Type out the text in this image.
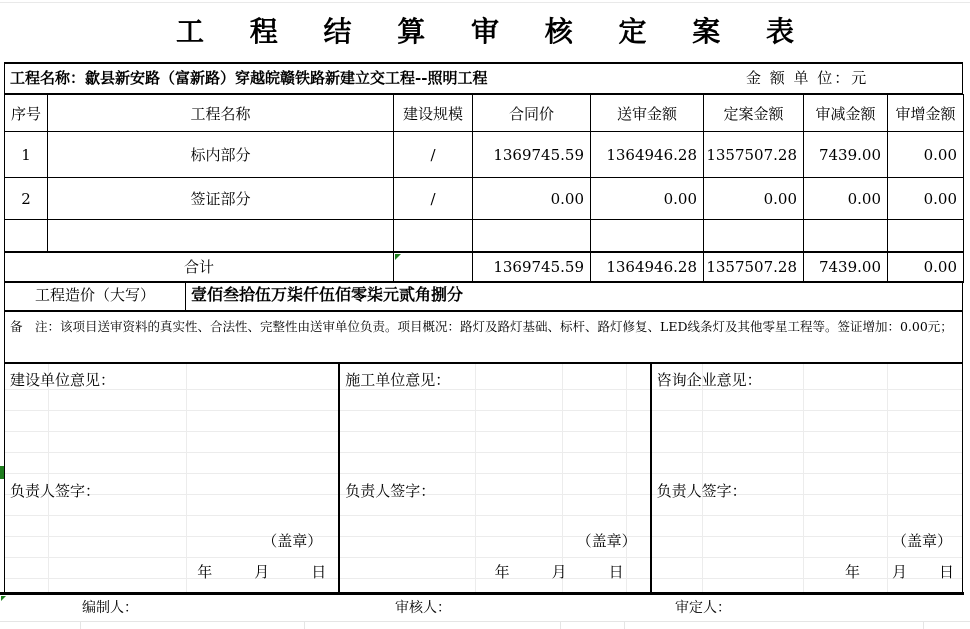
工 程 结 算 审 核 定 案 表
工程名称：歙县新安路（富新路）穿越皖赣铁路新建立交工程--照明工程	金 额 单 位：元
序号	工程名称	建设规模	合同价	送审金额	定案金额	审减金额	审增金额
1	标内部分	/	1369745.59	1364946.28	1357507.28	7439.00	0.00
2	签证部分	/	0.00	0.00	0.00	0.00	0.00

合计			1369745.59	1364946.28	1357507.28	7439.00	0.00
工程造价（大写）	壹佰叁拾伍万柒仟伍佰零柒元贰角捌分
备　注：该项目送审资料的真实性、合法性、完整性由送审单位负责。项目概况：路灯及路灯基础、标杆、路灯修复、LED线条灯及其他零星工程等。签证增加：0.00元；
建设单位意见：
负责人签字：
（盖章）
年	月	日
施工单位意见：
负责人签字：
（盖章）
年	月	日
咨询企业意见：
负责人签字：
（盖章）
年 月 日
编制人：	审核人：	审定人：
